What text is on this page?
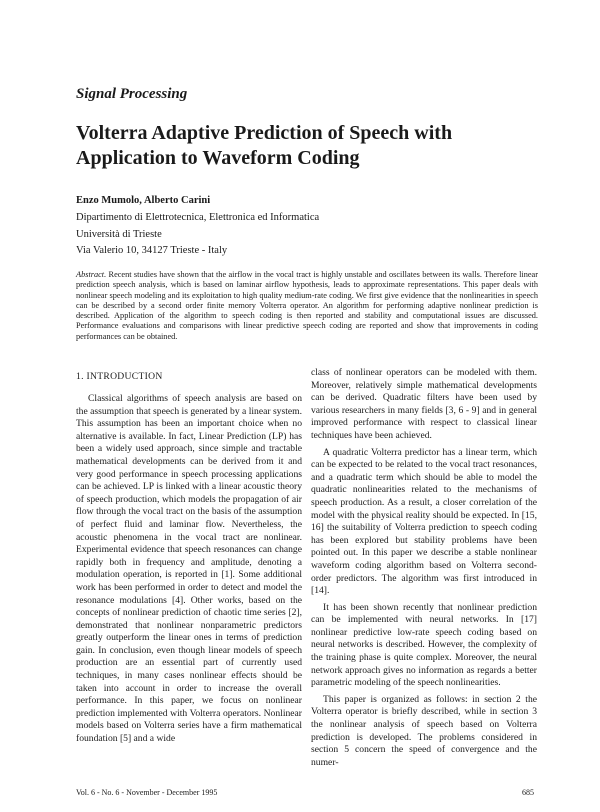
Signal Processing
Volterra Adaptive Prediction of Speech with Application to Waveform Coding
Enzo Mumolo, Alberto Carini
Dipartimento di Elettrotecnica, Elettronica ed Informatica
Università di Trieste
Via Valerio 10, 34127 Trieste - Italy
Abstract. Recent studies have shown that the airflow in the vocal tract is highly unstable and oscillates between its walls. Therefore linear prediction speech analysis, which is based on laminar airflow hypothesis, leads to approximate representations. This paper deals with nonlinear speech modeling and its exploitation to high quality medium-rate coding. We first give evidence that the nonlinearities in speech can be described by a second order finite memory Volterra operator. An algorithm for performing adaptive nonlinear prediction is described. Application of the algorithm to speech coding is then reported and stability and computational issues are discussed. Performance evaluations and comparisons with linear predictive speech coding are reported and show that improvements in coding performances can be obtained.
1. INTRODUCTION

Classical algorithms of speech analysis are based on the assumption that speech is generated by a linear system. This assumption has been an important choice when no alternative is available. In fact, Linear Prediction (LP) has been a widely used approach, since simple and tractable mathematical developments can be derived from it and very good performance in speech processing applications can be achieved. LP is linked with a linear acoustic theory of speech production, which models the propagation of air flow through the vocal tract on the basis of the assumption of perfect fluid and laminar flow. Nevertheless, the acoustic phenomena in the vocal tract are nonlinear. Experimental evidence that speech resonances can change rapidly both in frequency and amplitude, denoting a modulation operation, is reported in [1]. Some additional work has been performed in order to detect and model the resonance modulations [4]. Other works, based on the concepts of nonlinear prediction of chaotic time series [2], demonstrated that nonlinear nonparametric predictors greatly outperform the linear ones in terms of prediction gain. In conclusion, even though linear models of speech production are an essential part of currently used techniques, in many cases nonlinear effects should be taken into account in order to increase the overall performance. In this paper, we focus on nonlinear prediction implemented with Volterra operators. Nonlinear models based on Volterra series have a firm mathematical foundation [5] and a wide

class of nonlinear operators can be modeled with them. Moreover, relatively simple mathematical developments can be derived. Quadratic filters have been used by various researchers in many fields [3, 6 - 9] and in general improved performance with respect to classical linear techniques have been achieved.

A quadratic Volterra predictor has a linear term, which can be expected to be related to the vocal tract resonances, and a quadratic term which should be able to model the quadratic nonlinearities related to the mechanisms of speech production. As a result, a closer correlation of the model with the physical reality should be expected. In [15, 16] the suitability of Volterra prediction to speech coding has been explored but stability problems have been pointed out. In this paper we describe a stable nonlinear waveform coding algorithm based on Volterra second-order predictors. The algorithm was first introduced in [14].

It has been shown recently that nonlinear prediction can be implemented with neural networks. In [17] nonlinear predictive low-rate speech coding based on neural networks is described. However, the complexity of the training phase is quite complex. Moreover, the neural network approach gives no information as regards a better parametric modeling of the speech nonlinearities.

This paper is organized as follows: in section 2 the Volterra operator is briefly described, while in section 3 the nonlinear analysis of speech based on Volterra prediction is developed. The problems considered in section 5 concern the speed of convergence and the numer-

Vol. 6 - No. 6 - November - December 1995	685
